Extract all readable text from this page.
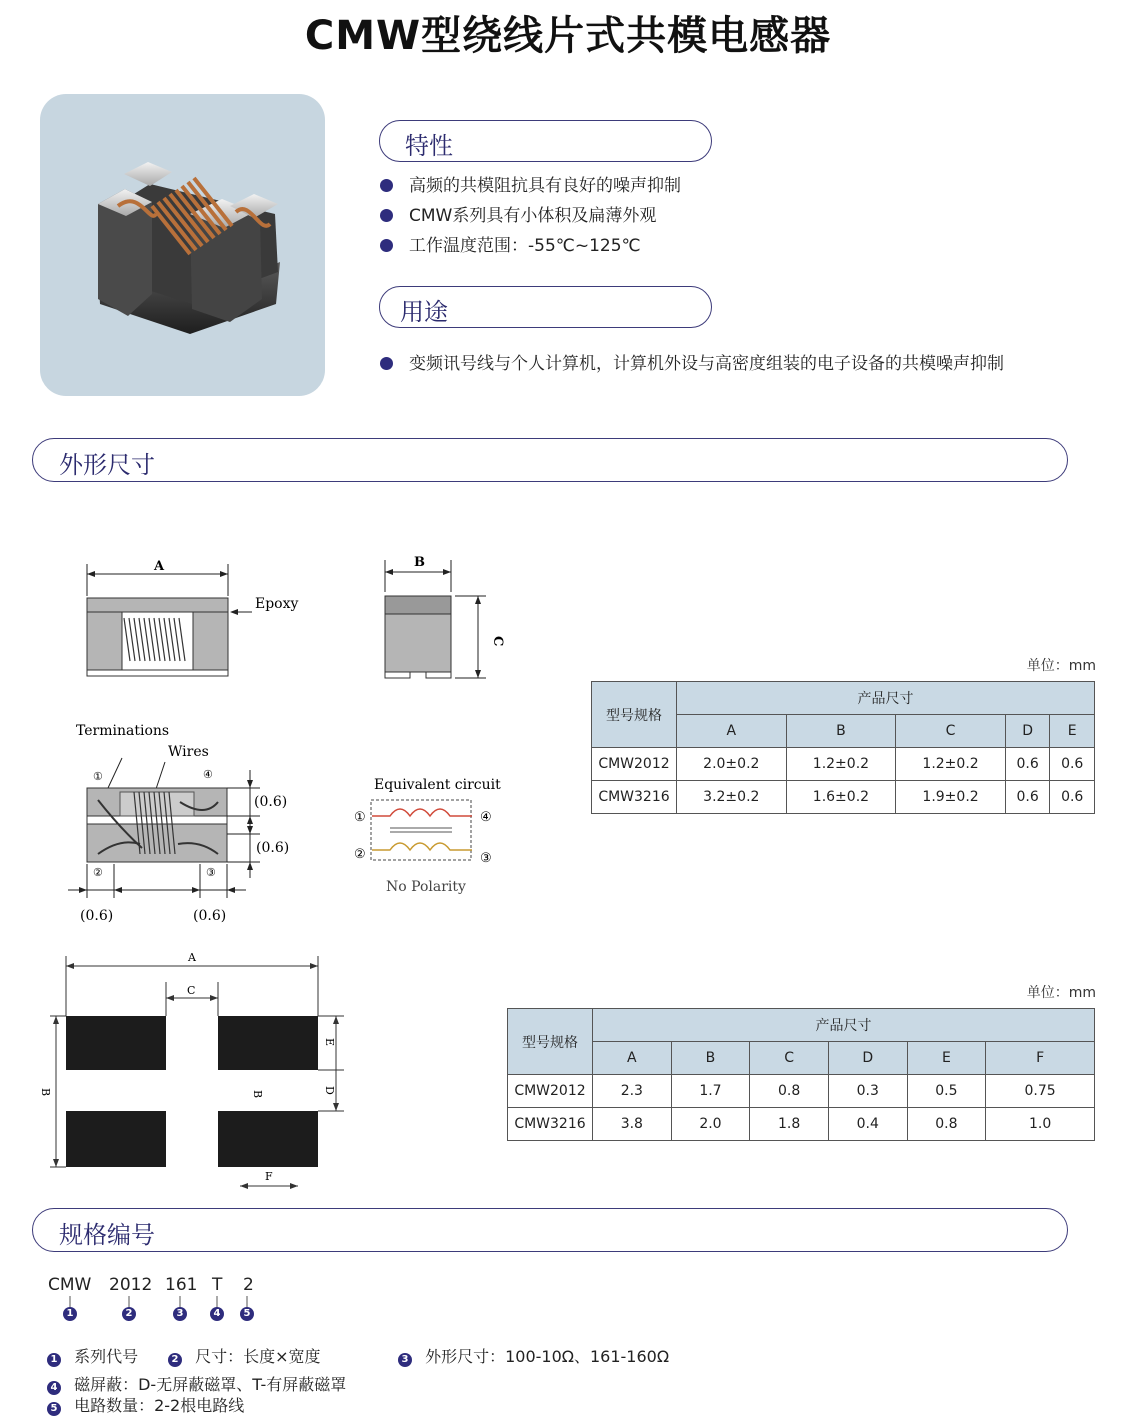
CMW型绕线片式共模电感器
特性
高频的共模阻抗具有良好的噪声抑制
CMW系列具有小体积及扁薄外观
工作温度范围：-55℃~125℃
用途
变频讯号线与个人计算机，计算机外设与高密度组装的电子设备的共模噪声抑制
外形尺寸
A
Epoxy
B
C
Terminations
Wires
①	④
(0.6)
(0.6)
②	③
(0.6)	(0.6)
Equivalent circuit
①	④
②	③
No Polarity
单位：mm
型号规格	产品尺寸				
	A	B	C	D	E
CMW2012	2.0±0.2	1.2±0.2	1.2±0.2	0.6	0.6
CMW3216	3.2±0.2	1.6±0.2	1.9±0.2	0.6	0.6
A
C
B	B
E
D
F
单位：mm
型号规格	产品尺寸					
	A	B	C	D	E	F
CMW2012	2.3	1.7	0.8	0.3	0.5	0.75
CMW3216	3.8	2.0	1.8	0.4	0.8	1.0
规格编号
CMW 2012 161 T 2
1	2	3	4	5
1 系列代号	2 尺寸：长度×宽度	3 外形尺寸：100-10Ω、161-160Ω
4 磁屏蔽：D-无屏蔽磁罩、T-有屏蔽磁罩
5 电路数量：2-2根电路线
